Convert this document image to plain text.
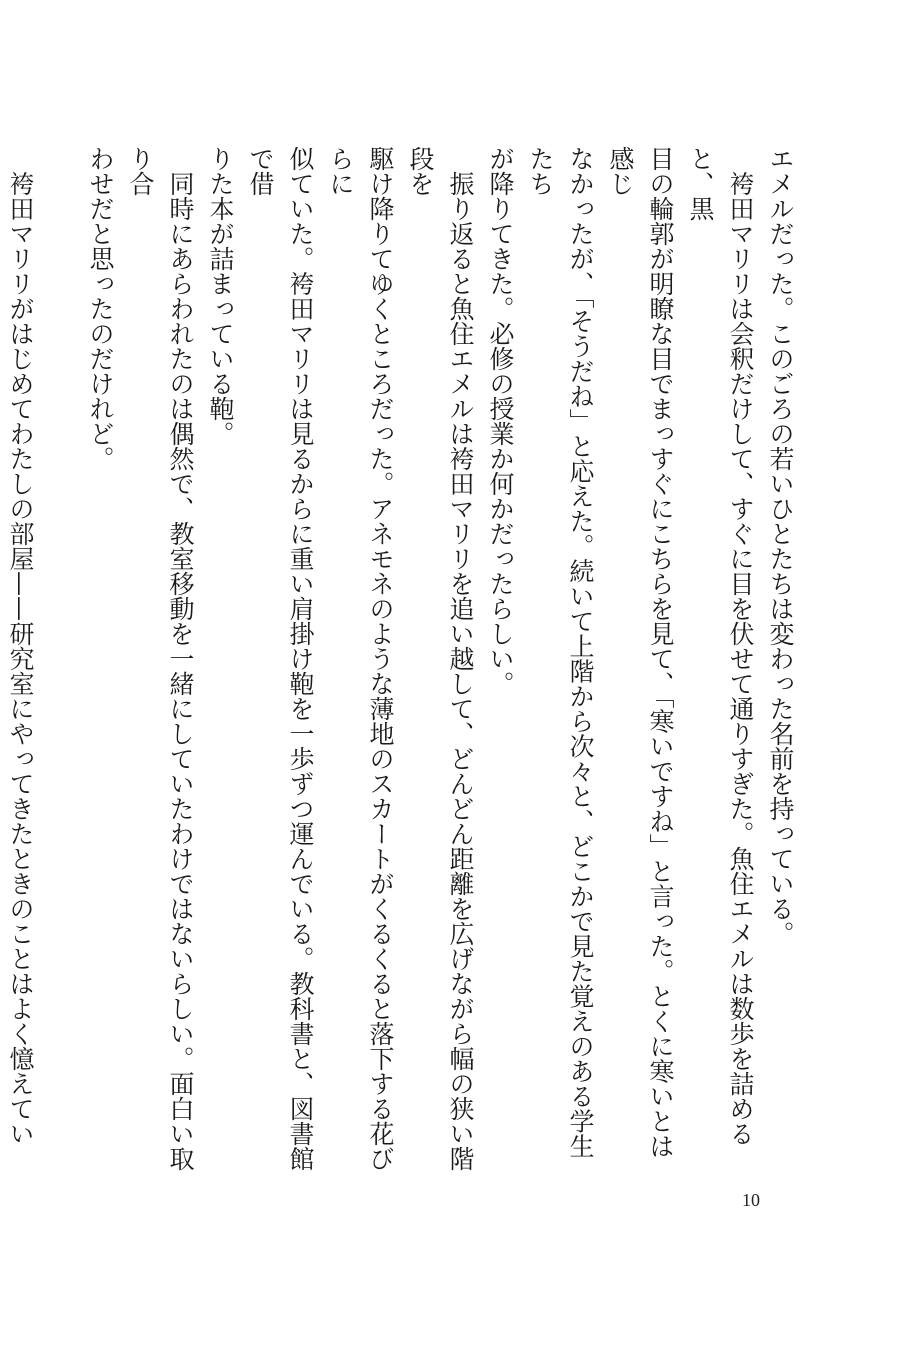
エメルだった。このごろの若いひとたちは変わった名前を持っている。

　袴田マリリは会釈だけして、すぐに目を伏せて通りすぎた。魚住エメルは数歩を詰めると、黒

目の輪郭が明瞭な目でまっすぐにこちらを見て、「寒いですね」と言った。とくに寒いとは感じ

なかったが、「そうだね」と応えた。続いて上階から次々と、どこかで見た覚えのある学生たち

が降りてきた。必修の授業か何かだったらしい。

　振り返ると魚住エメルは袴田マリリを追い越して、どんどん距離を広げながら幅の狭い階段を

駆け降りてゆくところだった。アネモネのような薄地のスカートがくるくると落下する花びらに

似ていた。袴田マリリは見るからに重い肩掛け鞄を一歩ずつ運んでいる。教科書と、図書館で借

りた本が詰まっている鞄。

　同時にあらわれたのは偶然で、教室移動を一緒にしていたわけではないらしい。面白い取り合

わせだと思ったのだけれど。

　袴田マリリがはじめてわたしの部屋——研究室にやってきたときのことはよく憶えてい

10
